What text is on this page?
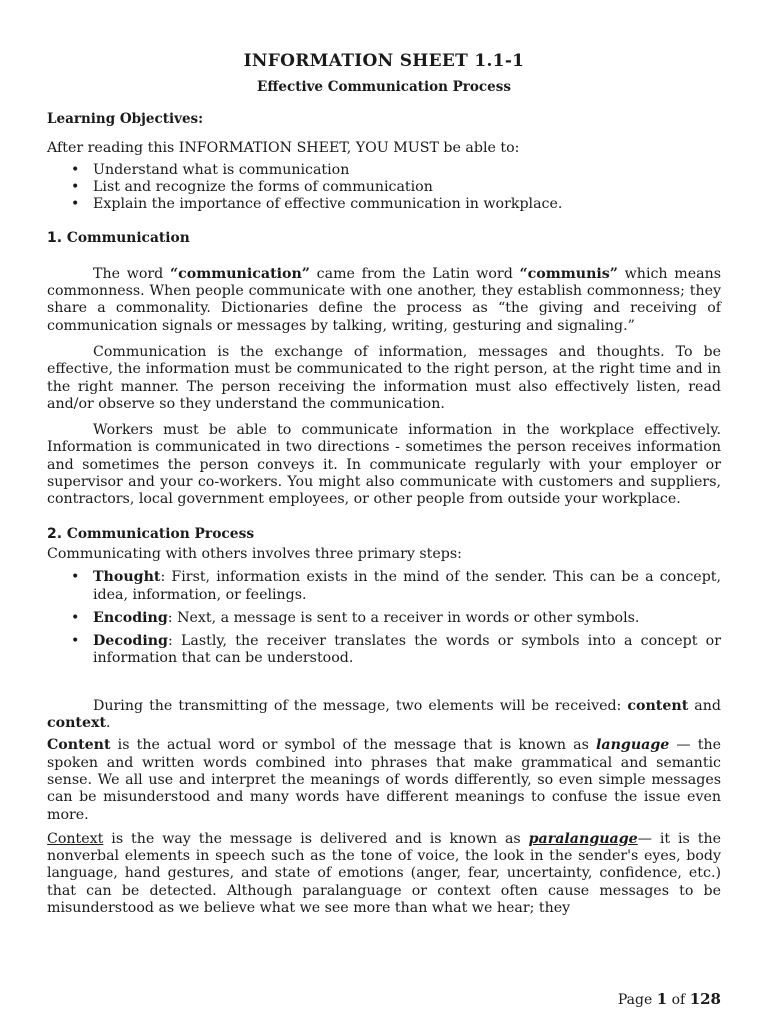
INFORMATION SHEET 1.1-1
Effective Communication Process
Learning Objectives:

After reading this INFORMATION SHEET, YOU MUST be able to:

• Understand what is communication
• List and recognize the forms of communication
• Explain the importance of effective communication in workplace.
1. Communication

The word “communication” came from the Latin word “communis” which means commonness. When people communicate with one another, they establish commonness; they share a commonality. Dictionaries define the process as “the giving and receiving of communication signals or messages by talking, writing, gesturing and signaling.”

Communication is the exchange of information, messages and thoughts. To be effective, the information must be communicated to the right person, at the right time and in the right manner. The person receiving the information must also effectively listen, read and/or observe so they understand the communication.

Workers must be able to communicate information in the workplace effectively. Information is communicated in two directions - sometimes the person receives information and sometimes the person conveys it. In communicate regularly with your employer or supervisor and your co-workers. You might also communicate with customers and suppliers, contractors, local government employees, or other people from outside your workplace.

2. Communication Process

Communicating with others involves three primary steps:

• Thought: First, information exists in the mind of the sender. This can be a concept, idea, information, or feelings.
• Encoding: Next, a message is sent to a receiver in words or other symbols.
• Decoding: Lastly, the receiver translates the words or symbols into a concept or information that can be understood.

During the transmitting of the message, two elements will be received: content and context.

Content is the actual word or symbol of the message that is known as language — the spoken and written words combined into phrases that make grammatical and semantic sense. We all use and interpret the meanings of words differently, so even simple messages can be misunderstood and many words have different meanings to confuse the issue even more.

Context is the way the message is delivered and is known as paralanguage— it is the nonverbal elements in speech such as the tone of voice, the look in the sender's eyes, body language, hand gestures, and state of emotions (anger, fear, uncertainty, confidence, etc.) that can be detected. Although paralanguage or context often cause messages to be misunderstood as we believe what we see more than what we hear; they

Page 1 of 128
